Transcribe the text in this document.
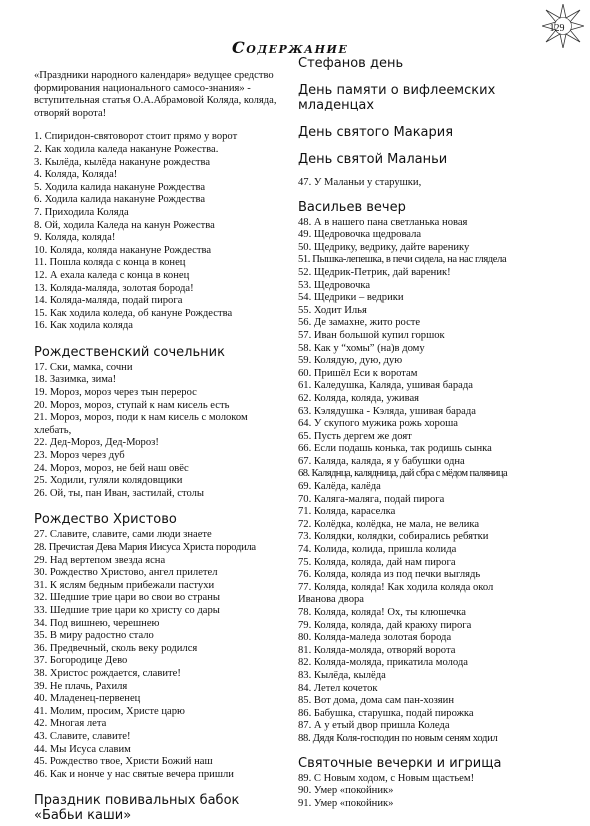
129
Содержание
«Праздники народного календаря» ведущее средство формирования национального самосо-знания» - вступительная статья О.А.Абрамовой Коляда, коляда, отворяй ворота!
1. Спиридон-святоворот стоит прямо у ворот
2. Как ходила каледа накануне Рожества.
3. Кылёда, кылёда накануне рождества
4. Коляда, Коляда!
5. Ходила калида накануне Рождества
6. Ходила калида накануне Рождества
7. Приходила Коляда
8. Ой, ходила Каледа на канун Рожества
9. Коляда, коляда!
10. Коляда, коляда накануне Рождества
11. Пошла коляда с конца в конец
12. А ехала каледа с конца в конец
13. Коляда-маляда, золотая борода!
14. Коляда-маляда, подай пирога
15. Как ходила коледа, об кануне Рождества
16. Как ходила коляда
Рождественский сочельник
17. Ски, мамка, сочни
18. Зазимка, зима!
19. Мороз, мороз через тын перерос
20. Мороз, мороз, ступай к нам кисель есть
21. Мороз, мороз, поди к нам кисель с молоком хлебать,
22. Дед-Мороз, Дед-Мороз!
23. Мороз через дуб
24. Мороз, мороз, не бей наш овёс
25. Ходили, гуляли колядовщики
26. Ой, ты, пан Иван, застилай, столы
Рождество Христово
27. Славите, славите, сами люди знаете
28. Пречистая Дева Мария Иисуса Христа породила
29. Над вертепом звезда ясна
30. Рождество Христово, ангел прилетел
31. К яслям бедным прибежали пастухи
32. Шедшие трие цари во свои во страны
33. Шедшие трие цари ко христу со дары
34. Под вишнею, черешнею
35. В миру радостно стало
36. Предвечный, сколь веку родился
37. Богородице Дево
38. Христос рождается, славите!
39. Не плачь, Рахиля
40. Младенец-первенец
41. Молим, просим, Христе царю
42. Многая лета
43. Славите, славите!
44. Мы Исуса славим
45. Рождество твое, Христи Божий наш
46. Как и нонче у нас святые вечера пришли
Праздник повивальных бабок «Бабьи каши»
Стефанов день
День памяти о вифлеемских младенцах
День святого Макария
День святой Маланьи
47. У Маланьи у старушки,
Васильев вечер
48. А в нашего пана светланька новая
49. Щедровочка щедровала
50. Щедрику, ведрику, дайте варенику
51. Пышка-лепешка, в печи сидела, на нас глядела
52. Щедрик-Петрик, дай вареник!
53. Щедровочка
54. Щедрики – ведрики
55. Ходит Илья
56. Де замахне, жито росте
57. Иван большой купил горшок
58. Как у “хомы” (на)в дому
59. Колядую, дую, дую
60. Пришёл Еси к воротам
61. Каледушка, Каляда, ушивая барада
62. Коляда, коляда, уживая
63. Кэлядушка - Кэляда, ушивая барада
64. У скупого мужика рожь хороша
65. Пусть дергем же доят
66. Если подашь конька, так родишь сынка
67. Каляда, каляда, я у бабушки одна
68. Каляднца, калядница, дай сбра с мёдом паляница
69. Калёда, калёда
70. Каляга-маляга, подай пирога
71. Коляда, караселка
72. Колёдка, колёдка, не мала, не велика
73. Колядки, колядки, собирались ребятки
74. Колида, колида, пришла колида
75. Коляда, коляда, дай нам пирога
76. Коляда, коляда из под печки выглядь
77. Коляда, коляда! Как ходила коляда окол Иванова двора
78. Коляда, коляда! Ох, ты клюшечка
79. Коляда, коляда, дай краюху пирога
80. Коляда-маледа золотая борода
81. Коляда-моляда, отворяй ворота
82. Коляда-моляда, прикатила молода
83. Кылёда, кылёда
84. Летел кочеток
85. Вот дома, дома сам пан-хозяин
86. Бабушка, старушка, подай пирожка
87. А у етый двор пришла Коледа
88. Дядя Коля-господин по новым сеням ходил
Святочные вечерки и игрища
89. С Новым ходом, с Новым щастьем!
90. Умер «покойник»
91. Умер «покойник»
